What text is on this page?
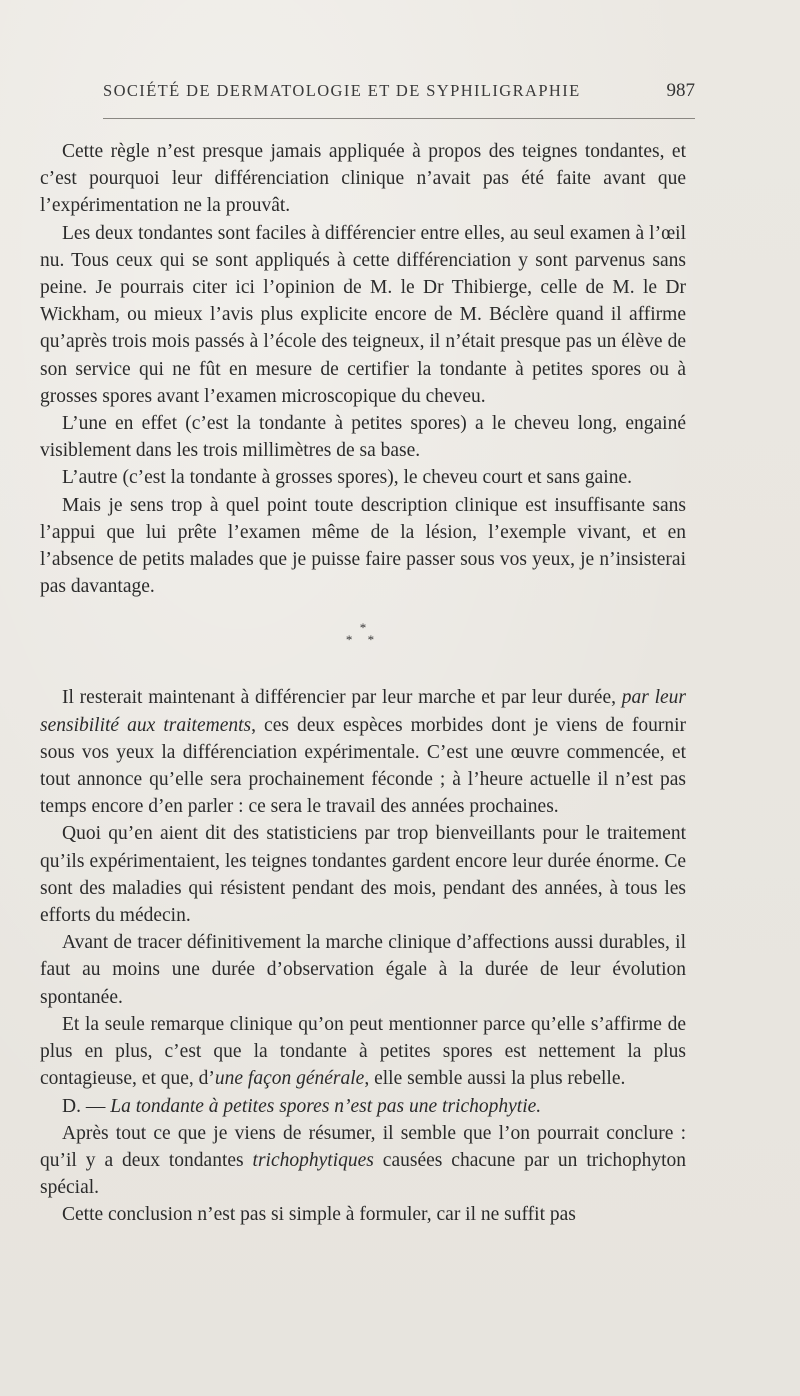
SOCIÉTÉ DE DERMATOLOGIE ET DE SYPHILIGRAPHIE	987

Cette règle n’est presque jamais appliquée à propos des teignes tondantes, et c’est pourquoi leur différenciation clinique n’avait pas été faite avant que l’expérimentation ne la prouvât.

Les deux tondantes sont faciles à différencier entre elles, au seul examen à l’œil nu. Tous ceux qui se sont appliqués à cette différenciation y sont parvenus sans peine. Je pourrais citer ici l’opinion de M. le Dr Thibierge, celle de M. le Dr Wickham, ou mieux l’avis plus explicite encore de M. Béclère quand il affirme qu’après trois mois passés à l’école des teigneux, il n’était presque pas un élève de son service qui ne fût en mesure de certifier la tondante à petites spores ou à grosses spores avant l’examen microscopique du cheveu.

L’une en effet (c’est la tondante à petites spores) a le cheveu long, engainé visiblement dans les trois millimètres de sa base.

L’autre (c’est la tondante à grosses spores), le cheveu court et sans gaine.

Mais je sens trop à quel point toute description clinique est insuffisante sans l’appui que lui prête l’examen même de la lésion, l’exemple vivant, et en l’absence de petits malades que je puisse faire passer sous vos yeux, je n’insisterai pas davantage.

*
* *

Il resterait maintenant à différencier par leur marche et par leur durée, par leur sensibilité aux traitements, ces deux espèces morbides dont je viens de fournir sous vos yeux la différenciation expérimentale. C’est une œuvre commencée, et tout annonce qu’elle sera prochainement féconde ; à l’heure actuelle il n’est pas temps encore d’en parler : ce sera le travail des années prochaines.

Quoi qu’en aient dit des statisticiens par trop bienveillants pour le traitement qu’ils expérimentaient, les teignes tondantes gardent encore leur durée énorme. Ce sont des maladies qui résistent pendant des mois, pendant des années, à tous les efforts du médecin.

Avant de tracer définitivement la marche clinique d’affections aussi durables, il faut au moins une durée d’observation égale à la durée de leur évolution spontanée.

Et la seule remarque clinique qu’on peut mentionner parce qu’elle s’affirme de plus en plus, c’est que la tondante à petites spores est nettement la plus contagieuse, et que, d’une façon générale, elle semble aussi la plus rebelle.

D. — La tondante à petites spores n’est pas une trichophytie.

Après tout ce que je viens de résumer, il semble que l’on pourrait conclure : qu’il y a deux tondantes trichophytiques causées chacune par un trichophyton spécial.

Cette conclusion n’est pas si simple à formuler, car il ne suffit pas
